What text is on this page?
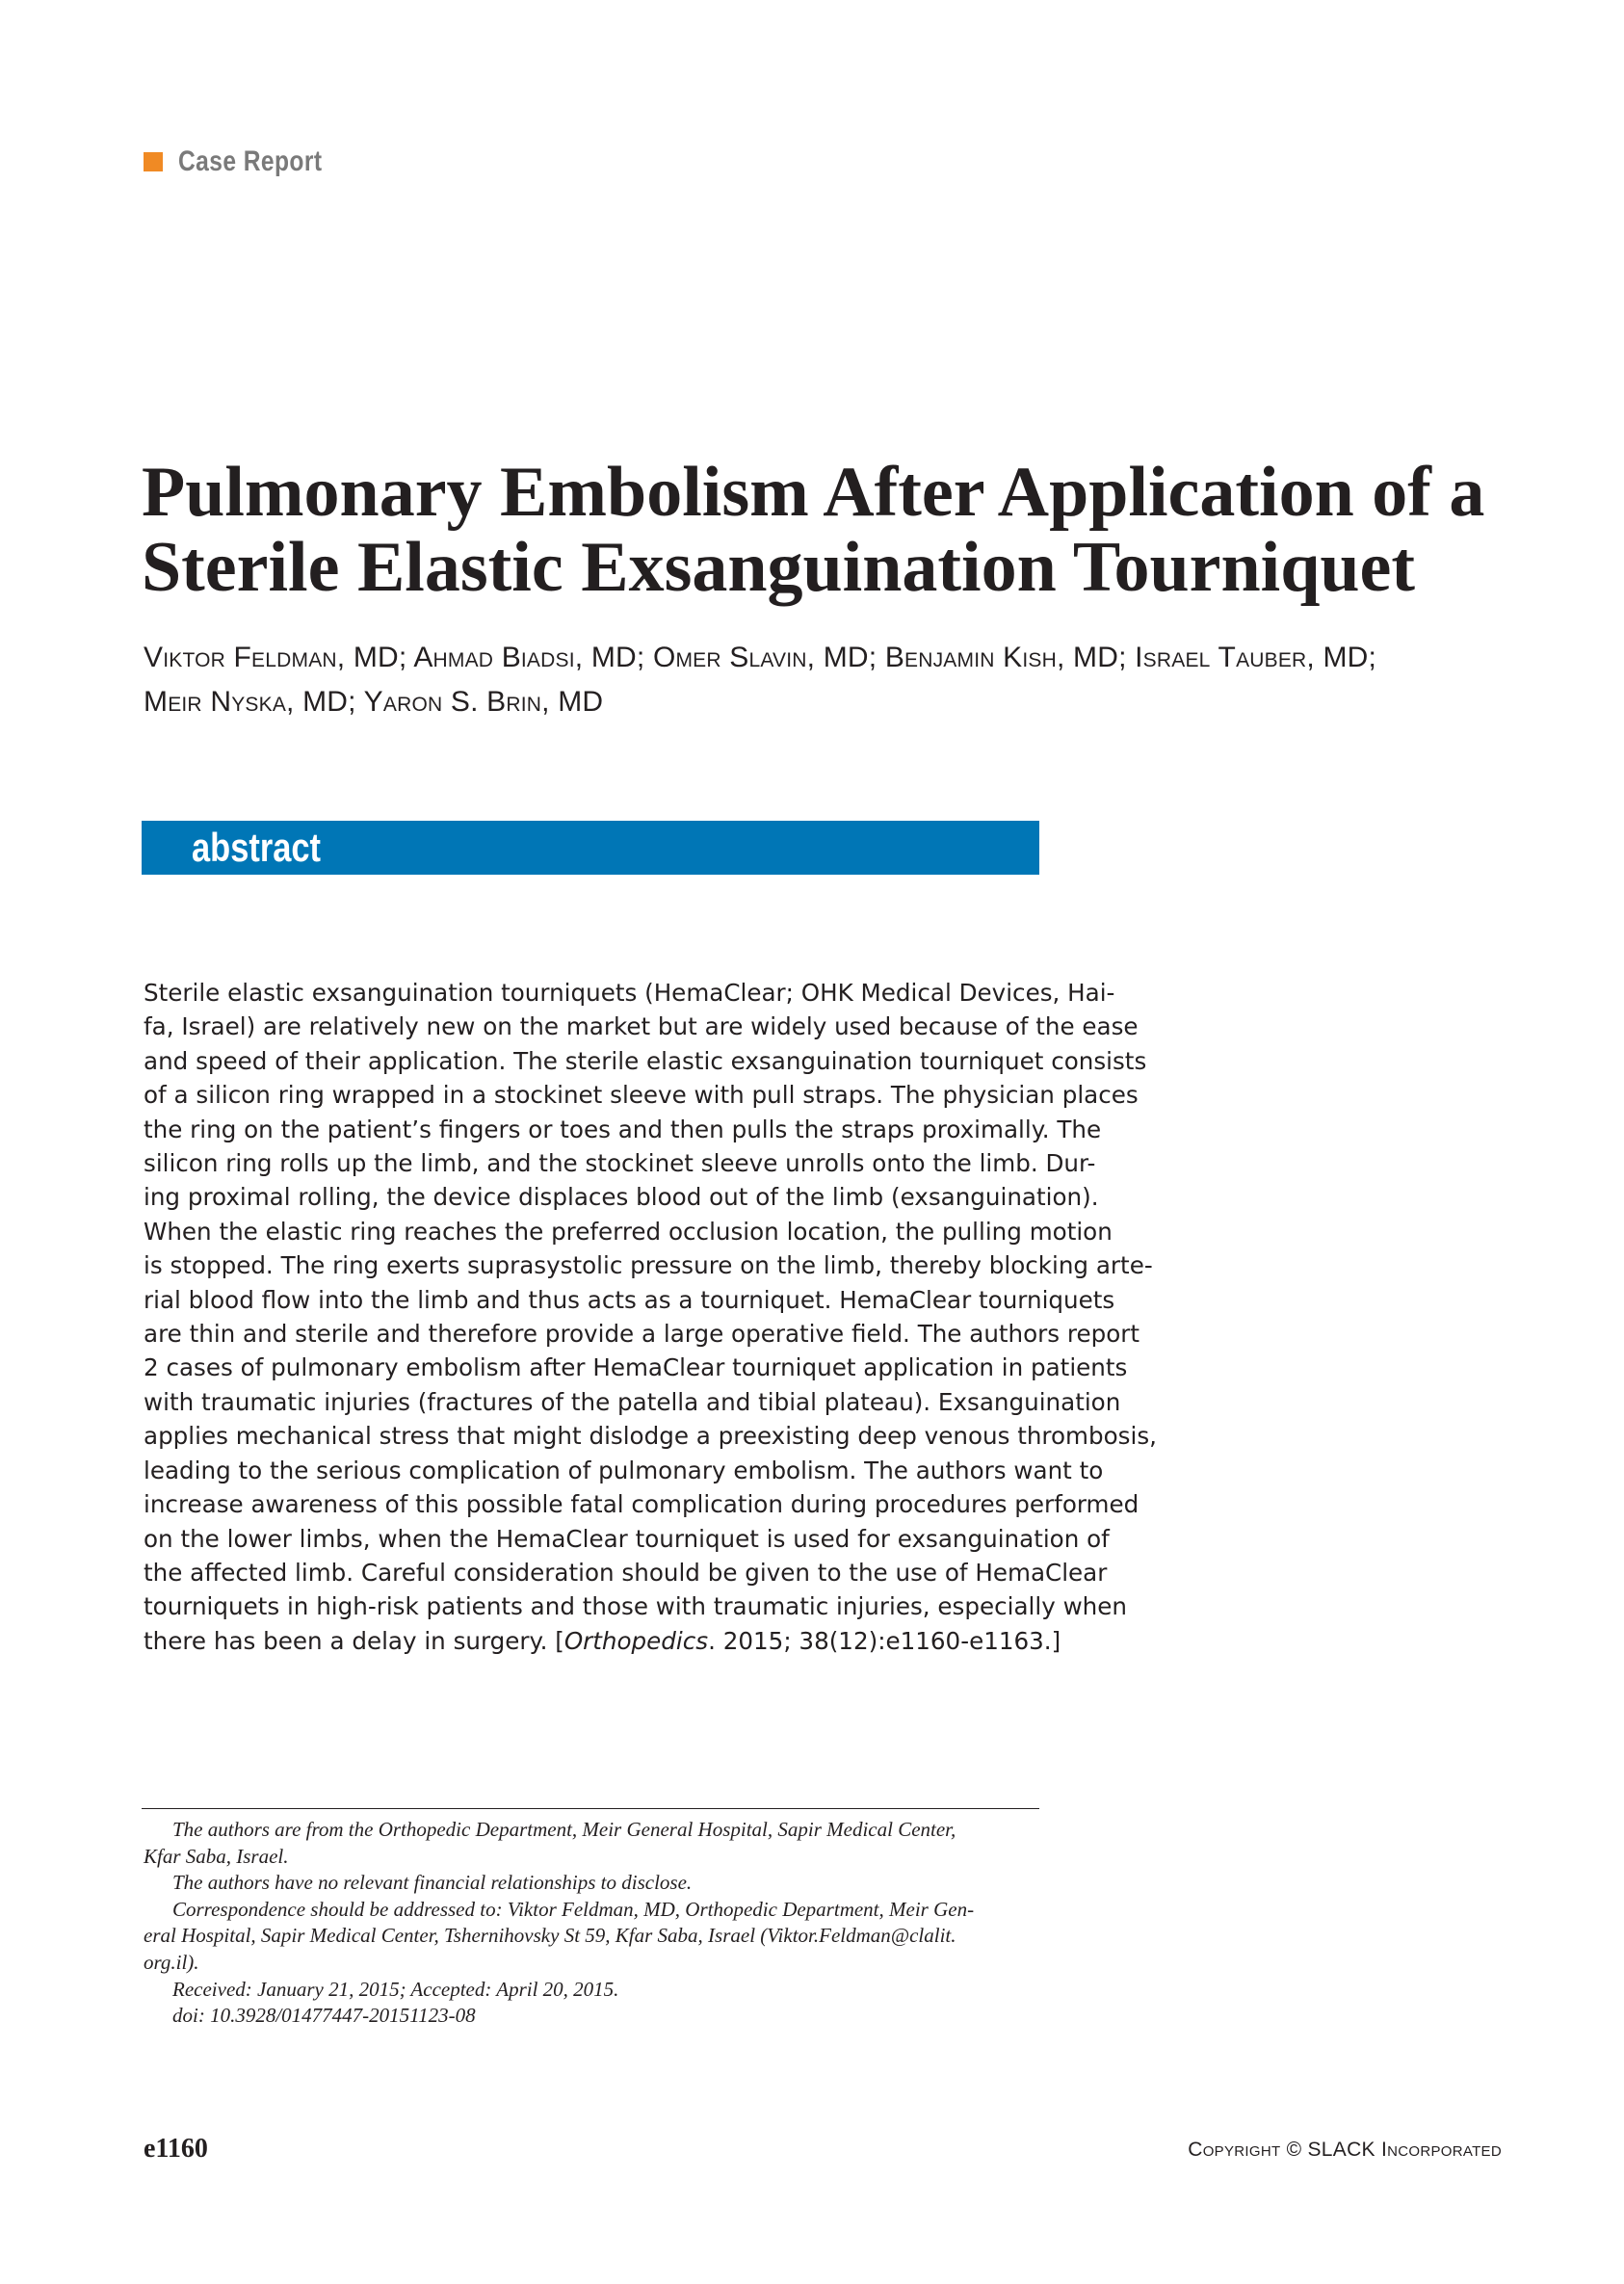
Case Report
Pulmonary Embolism After Application of a
Sterile Elastic Exsanguination Tourniquet
Viktor Feldman, MD; Ahmad Biadsi, MD; Omer Slavin, MD; Benjamin Kish, MD; Israel Tauber, MD;
Meir Nyska, MD; Yaron S. Brin, MD
abstract
Sterile elastic exsanguination tourniquets (HemaClear; OHK Medical Devices, Hai-
fa, Israel) are relatively new on the market but are widely used because of the ease
and speed of their application. The sterile elastic exsanguination tourniquet consists
of a silicon ring wrapped in a stockinet sleeve with pull straps. The physician places
the ring on the patient’s fingers or toes and then pulls the straps proximally. The
silicon ring rolls up the limb, and the stockinet sleeve unrolls onto the limb. Dur-
ing proximal rolling, the device displaces blood out of the limb (exsanguination).
When the elastic ring reaches the preferred occlusion location, the pulling motion
is stopped. The ring exerts suprasystolic pressure on the limb, thereby blocking arte-
rial blood flow into the limb and thus acts as a tourniquet. HemaClear tourniquets
are thin and sterile and therefore provide a large operative field. The authors report
2 cases of pulmonary embolism after HemaClear tourniquet application in patients
with traumatic injuries (fractures of the patella and tibial plateau). Exsanguination
applies mechanical stress that might dislodge a preexisting deep venous thrombosis,
leading to the serious complication of pulmonary embolism. The authors want to
increase awareness of this possible fatal complication during procedures performed
on the lower limbs, when the HemaClear tourniquet is used for exsanguination of
the affected limb. Careful consideration should be given to the use of HemaClear
tourniquets in high-risk patients and those with traumatic injuries, especially when
there has been a delay in surgery. [Orthopedics. 2015; 38(12):e1160-e1163.]
The authors are from the Orthopedic Department, Meir General Hospital, Sapir Medical Center,
Kfar Saba, Israel.
The authors have no relevant financial relationships to disclose.
Correspondence should be addressed to: Viktor Feldman, MD, Orthopedic Department, Meir Gen-
eral Hospital, Sapir Medical Center, Tshernihovsky St 59, Kfar Saba, Israel (Viktor.Feldman@clalit.
org.il).
Received: January 21, 2015; Accepted: April 20, 2015.
doi: 10.3928/01477447-20151123-08
e1160	Copyright © SLACK Incorporated
